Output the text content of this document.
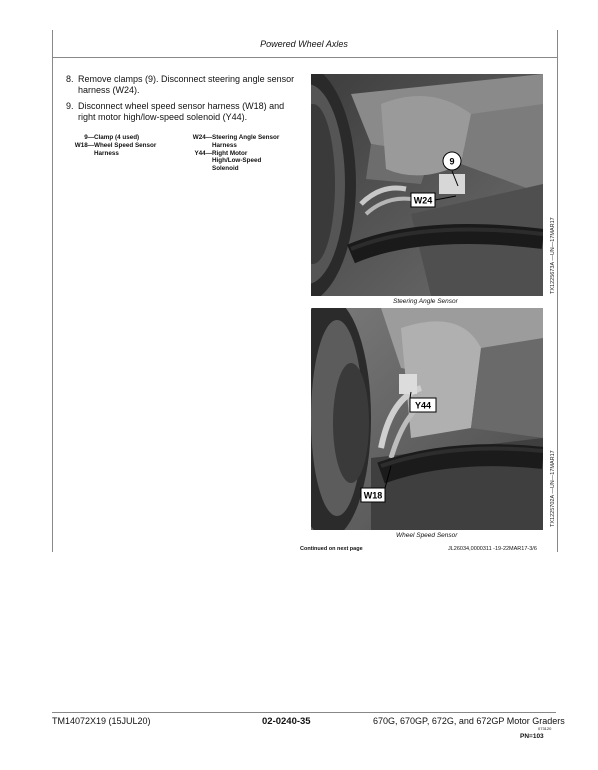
Powered Wheel Axles
8. Remove clamps (9). Disconnect steering angle sensor harness (W24).
9. Disconnect wheel speed sensor harness (W18) and right motor high/low-speed solenoid (Y44).
9— Clamp (4 used)
W18— Wheel Speed Sensor
Harness
W24— Steering Angle Sensor
Harness
Y44— Right Motor
High/Low-Speed
Solenoid
9
W24
Steering Angle Sensor
TX1225673A —UN—17MAR17
Y44
W18
Wheel Speed Sensor
TX1225702A —UN—17MAR17
Continued on next page	JL26034,0000311 -19-22MAR17-3/6
TM14072X19 (15JUL20)	02-0240-35	670G, 670GP, 672G, and 672GP Motor Graders
073120
PN=103
